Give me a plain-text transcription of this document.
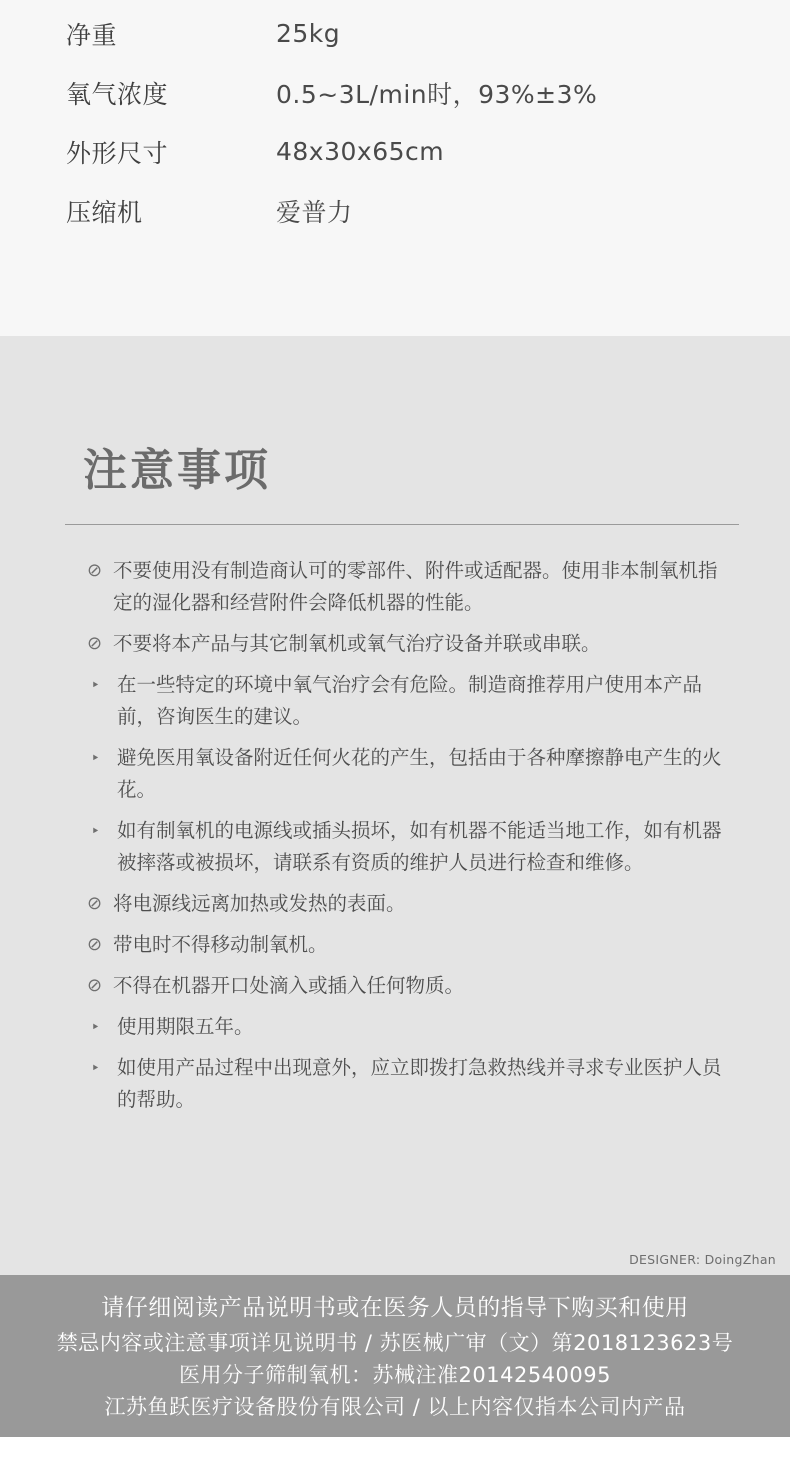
净重	25kg
氧气浓度	0.5~3L/min时，93%±3%
外形尺寸	48x30x65cm
压缩机	爱普力
注意事项
⊘ 不要使用没有制造商认可的零部件、附件或适配器。使用非本制氧机指定的湿化器和经营附件会降低机器的性能。
⊘ 不要将本产品与其它制氧机或氧气治疗设备并联或串联。
‣ 在一些特定的环境中氧气治疗会有危险。制造商推荐用户使用本产品前，咨询医生的建议。
‣ 避免医用氧设备附近任何火花的产生，包括由于各种摩擦静电产生的火花。
‣ 如有制氧机的电源线或插头损坏，如有机器不能适当地工作，如有机器被摔落或被损坏，请联系有资质的维护人员进行检查和维修。
⊘ 将电源线远离加热或发热的表面。
⊘ 带电时不得移动制氧机。
⊘ 不得在机器开口处滴入或插入任何物质。
‣ 使用期限五年。
‣ 如使用产品过程中出现意外，应立即拨打急救热线并寻求专业医护人员的帮助。
DESIGNER: DoingZhan
请仔细阅读产品说明书或在医务人员的指导下购买和使用
禁忌内容或注意事项详见说明书 / 苏医械广审（文）第2018123623号
医用分子筛制氧机：苏械注准20142540095
江苏鱼跃医疗设备股份有限公司 / 以上内容仅指本公司内产品
